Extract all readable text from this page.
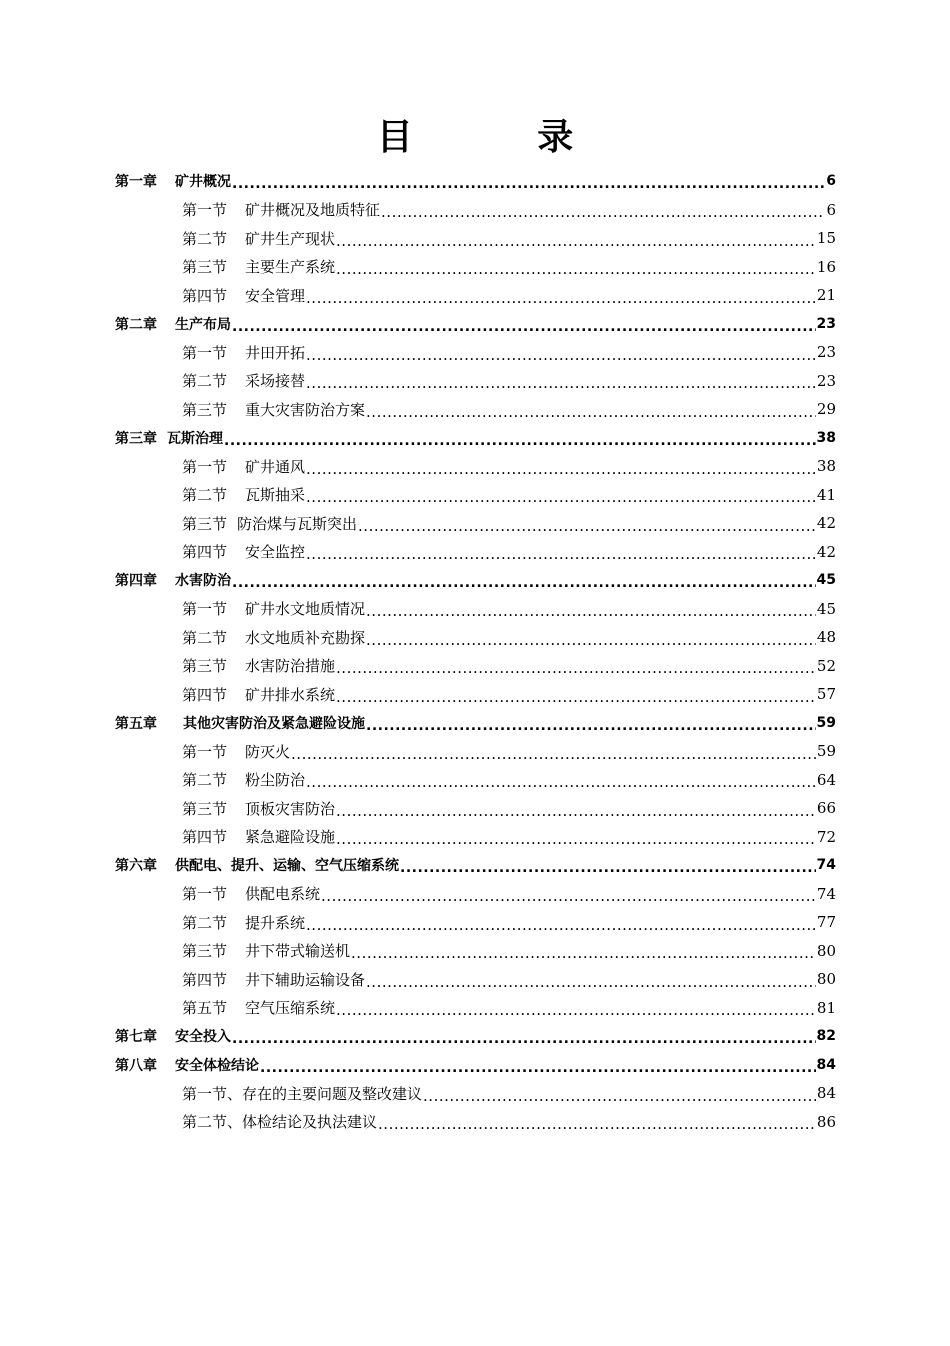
目 录
第一章 矿井概况 .....	6
第一节 矿井概况及地质特征 .....	6
第二节 矿井生产现状 .....	15
第三节 主要生产系统 .....	16
第四节 安全管理 .....	21
第二章 生产布局 .....	23
第一节 井田开拓 .....	23
第二节 采场接替 .....	23
第三节 重大灾害防治方案 .....	29
第三章 瓦斯治理 .....	38
第一节 矿井通风 .....	38
第二节 瓦斯抽采 .....	41
第三节 防治煤与瓦斯突出 .....	42
第四节 安全监控 .....	42
第四章 水害防治 .....	45
第一节 矿井水文地质情况 .....	45
第二节 水文地质补充勘探 .....	48
第三节 水害防治措施 .....	52
第四节 矿井排水系统 .....	57
第五章 其他灾害防治及紧急避险设施 .....	59
第一节 防灭火 .....	59
第二节 粉尘防治 .....	64
第三节 顶板灾害防治 .....	66
第四节 紧急避险设施 .....	72
第六章 供配电、提升、运输、空气压缩系统 .....	74
第一节 供配电系统 .....	74
第二节 提升系统 .....	77
第三节 井下带式输送机 .....	80
第四节 井下辅助运输设备 .....	80
第五节 空气压缩系统 .....	81
第七章 安全投入 .....	82
第八章 安全体检结论 .....	84
第一节、存在的主要问题及整改建议 .....	84
第二节、体检结论及执法建议 .....	86
